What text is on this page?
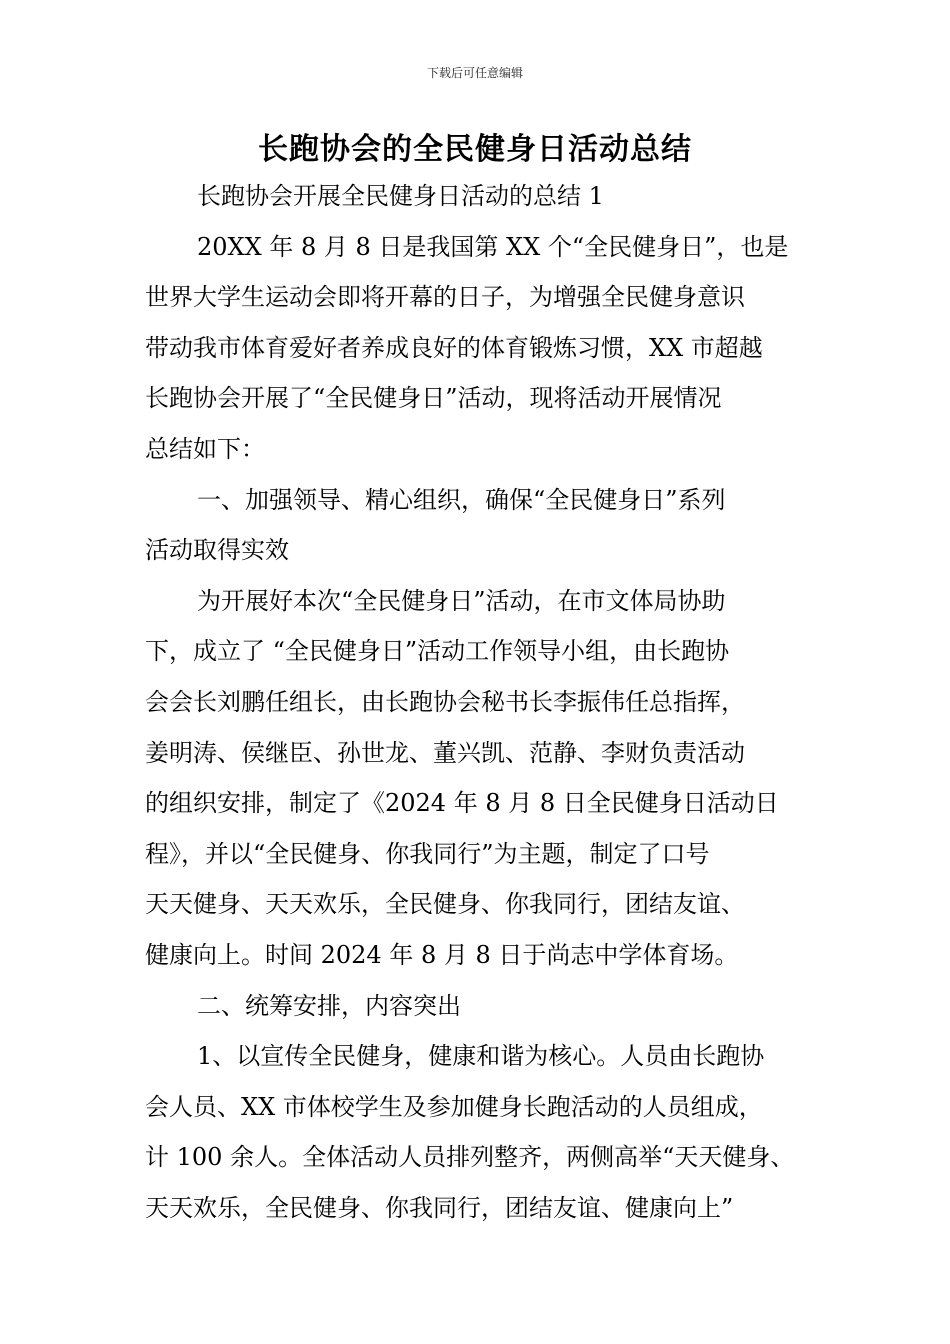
下载后可任意编辑
长跑协会的全民健身日活动总结
长跑协会开展全民健身日活动的总结 1
20XX 年 8 月 8 日是我国第 XX 个“全民健身日”，也是
世界大学生运动会即将开幕的日子，为增强全民健身意识
带动我市体育爱好者养成良好的体育锻炼习惯，XX 市超越
长跑协会开展了“全民健身日”活动，现将活动开展情况
总结如下：
一、加强领导、精心组织，确保“全民健身日”系列
活动取得实效
为开展好本次“全民健身日”活动，在市文体局协助
下，成立了 “全民健身日”活动工作领导小组，由长跑协
会会长刘鹏任组长，由长跑协会秘书长李振伟任总指挥，
姜明涛、侯继臣、孙世龙、董兴凯、范静、李财负责活动
的组织安排，制定了《2024 年 8 月 8 日全民健身日活动日
程》，并以“全民健身、你我同行”为主题，制定了口号
天天健身、天天欢乐，全民健身、你我同行，团结友谊、
健康向上。时间 2024 年 8 月 8 日于尚志中学体育场。
二、统筹安排，内容突出
1、以宣传全民健身，健康和谐为核心。人员由长跑协
会人员、XX 市体校学生及参加健身长跑活动的人员组成，
计 100 余人。全体活动人员排列整齐，两侧高举“天天健身、
天天欢乐，全民健身、你我同行，团结友谊、健康向上”
